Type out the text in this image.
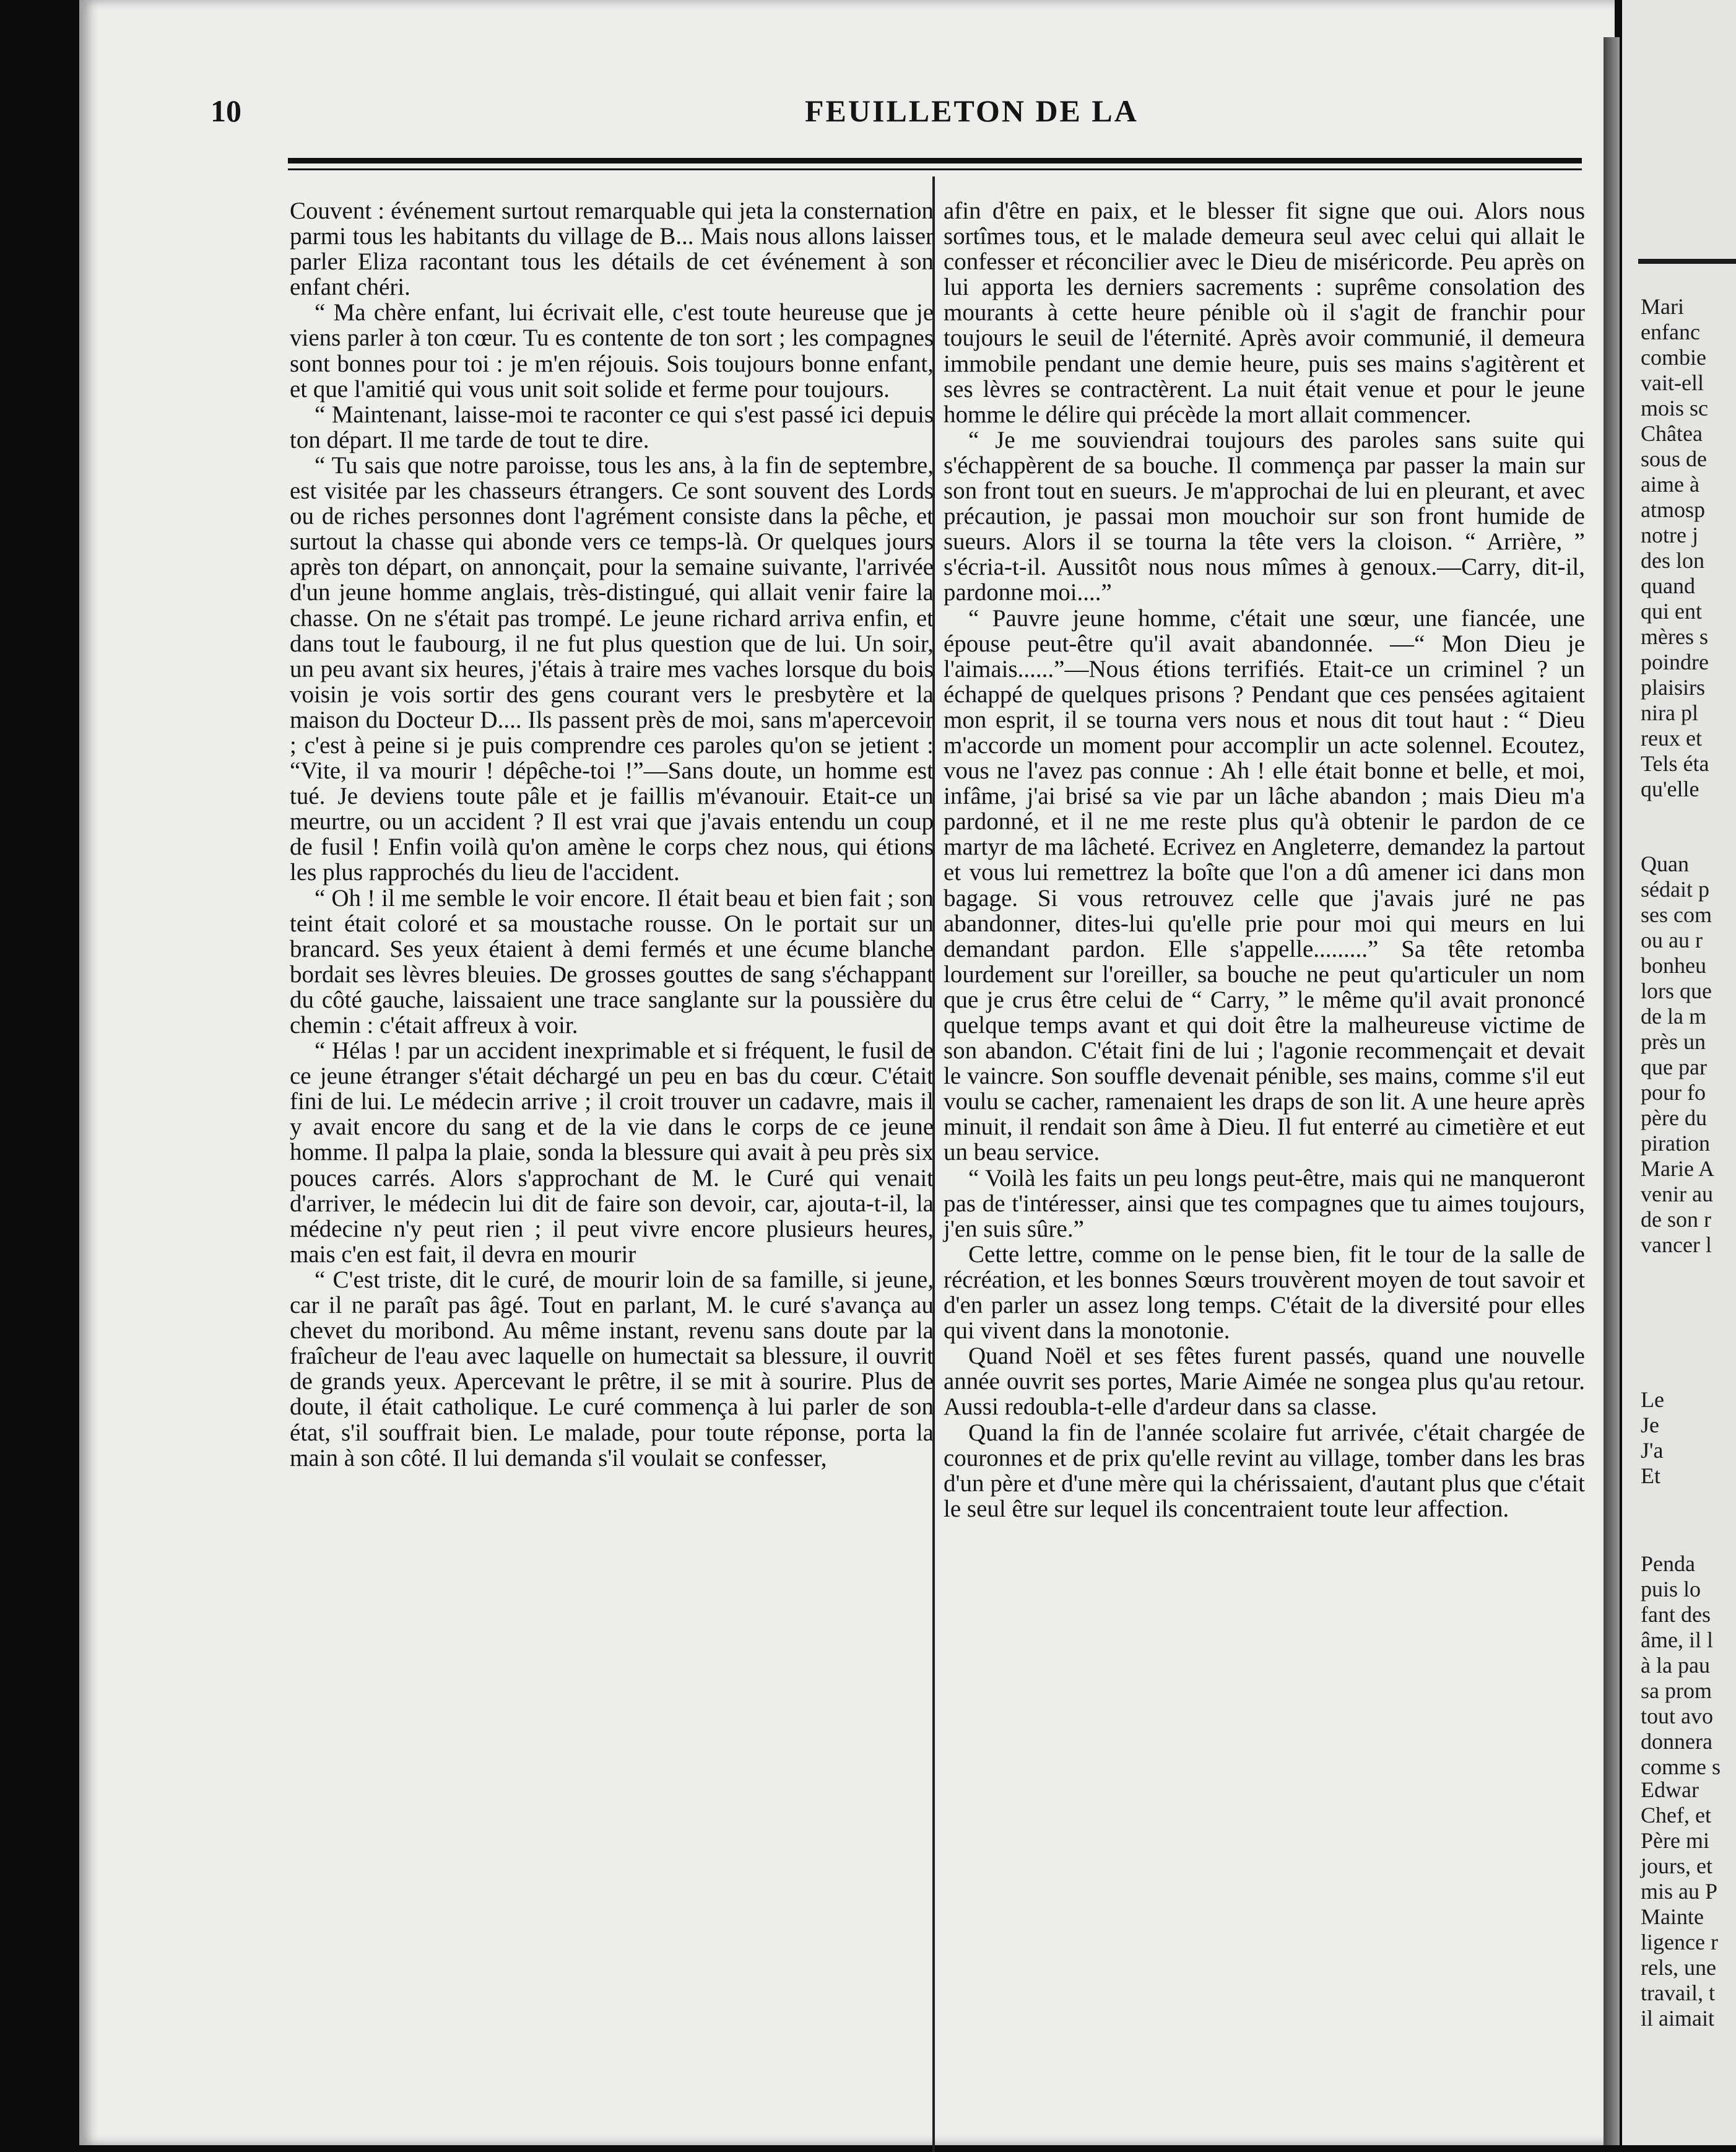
Mari
enfanc
combie
vait-ell
mois sc
Châtea
sous de
aime à
atmosp
notre j
des lon
quand
qui ent
mères s
poindre
plaisirs
nira pl
reux et
Tels éta
qu'elle
Quan
sédait p
ses com
ou au r
bonheu
lors que
de la m
près un
que par
pour fo
père du
piration
Marie A
venir au
de son r
vancer l
Le
Je
J'a
Et
Penda
puis lo
fant des
âme, il l
à la pau
sa prom
tout avo
donnera
comme s
Edwar
Chef, et
Père mi
jours, et
mis au P
Mainte
ligence r
rels, une
travail, t
il aimait
10	FEUILLETON DE LA

Couvent : événement surtout remarquable qui jeta la consternation parmi tous les habitants du village de B... Mais nous allons laisser parler Eliza racontant tous les détails de cet événement à son enfant chéri.

“ Ma chère enfant, lui écrivait elle, c'est toute heureuse que je viens parler à ton cœur. Tu es contente de ton sort ; les compagnes sont bonnes pour toi : je m'en réjouis. Sois toujours bonne enfant, et que l'amitié qui vous unit soit solide et ferme pour toujours.

“ Maintenant, laisse-moi te raconter ce qui s'est passé ici depuis ton départ. Il me tarde de tout te dire.

“ Tu sais que notre paroisse, tous les ans, à la fin de septembre, est visitée par les chasseurs étrangers. Ce sont souvent des Lords ou de riches personnes dont l'agrément consiste dans la pêche, et surtout la chasse qui abonde vers ce temps-là. Or quelques jours après ton départ, on annonçait, pour la semaine suivante, l'arrivée d'un jeune homme anglais, très-distingué, qui allait venir faire la chasse. On ne s'était pas trompé. Le jeune richard arriva enfin, et dans tout le faubourg, il ne fut plus question que de lui. Un soir, un peu avant six heures, j'étais à traire mes vaches lorsque du bois voisin je vois sortir des gens courant vers le presbytère et la maison du Docteur D.... Ils passent près de moi, sans m'apercevoir ; c'est à peine si je puis comprendre ces paroles qu'on se jetient : “Vite, il va mourir ! dépêche-toi !”—Sans doute, un homme est tué. Je deviens toute pâle et je faillis m'évanouir. Etait-ce un meurtre, ou un accident ? Il est vrai que j'avais entendu un coup de fusil ! Enfin voilà qu'on amène le corps chez nous, qui étions les plus rapprochés du lieu de l'accident.

“ Oh ! il me semble le voir encore. Il était beau et bien fait ; son teint était coloré et sa moustache rousse. On le portait sur un brancard. Ses yeux étaient à demi fermés et une écume blanche bordait ses lèvres bleuies. De grosses gouttes de sang s'échappant du côté gauche, laissaient une trace sanglante sur la poussière du chemin : c'était affreux à voir.

“ Hélas ! par un accident inexprimable et si fréquent, le fusil de ce jeune étranger s'était déchargé un peu en bas du cœur. C'était fini de lui. Le médecin arrive ; il croit trouver un cadavre, mais il y avait encore du sang et de la vie dans le corps de ce jeune homme. Il palpa la plaie, sonda la blessure qui avait à peu près six pouces carrés. Alors s'approchant de M. le Curé qui venait d'arriver, le médecin lui dit de faire son devoir, car, ajouta-t-il, la médecine n'y peut rien ; il peut vivre encore plusieurs heures, mais c'en est fait, il devra en mourir

“ C'est triste, dit le curé, de mourir loin de sa famille, si jeune, car il ne paraît pas âgé. Tout en parlant, M. le curé s'avança au chevet du moribond. Au même instant, revenu sans doute par la fraîcheur de l'eau avec laquelle on humectait sa blessure, il ouvrit de grands yeux. Apercevant le prêtre, il se mit à sourire. Plus de doute, il était catholique. Le curé commença à lui parler de son état, s'il souffrait bien. Le malade, pour toute réponse, porta la main à son côté. Il lui demanda s'il voulait se confesser,

afin d'être en paix, et le blesser fit signe que oui. Alors nous sortîmes tous, et le malade demeura seul avec celui qui allait le confesser et réconcilier avec le Dieu de miséricorde. Peu après on lui apporta les derniers sacrements : suprême consolation des mourants à cette heure pénible où il s'agit de franchir pour toujours le seuil de l'éternité. Après avoir communié, il demeura immobile pendant une demie heure, puis ses mains s'agitèrent et ses lèvres se contractèrent. La nuit était venue et pour le jeune homme le délire qui précède la mort allait commencer.

“ Je me souviendrai toujours des paroles sans suite qui s'échappèrent de sa bouche. Il commença par passer la main sur son front tout en sueurs. Je m'approchai de lui en pleurant, et avec précaution, je passai mon mouchoir sur son front humide de sueurs. Alors il se tourna la tête vers la cloison. “ Arrière, ” s'écria-t-il. Aussitôt nous nous mîmes à genoux.—Carry, dit-il, pardonne moi....”

“ Pauvre jeune homme, c'était une sœur, une fiancée, une épouse peut-être qu'il avait abandonnée. —“ Mon Dieu je l'aimais......”—Nous étions terrifiés. Etait-ce un criminel ? un échappé de quelques prisons ? Pendant que ces pensées agitaient mon esprit, il se tourna vers nous et nous dit tout haut : “ Dieu m'accorde un moment pour accomplir un acte solennel. Ecoutez, vous ne l'avez pas connue : Ah ! elle était bonne et belle, et moi, infâme, j'ai brisé sa vie par un lâche abandon ; mais Dieu m'a pardonné, et il ne me reste plus qu'à obtenir le pardon de ce martyr de ma lâcheté. Ecrivez en Angleterre, demandez la partout et vous lui remettrez la boîte que l'on a dû amener ici dans mon bagage. Si vous retrouvez celle que j'avais juré ne pas abandonner, dites-lui qu'elle prie pour moi qui meurs en lui demandant pardon. Elle s'appelle.........” Sa tête retomba lourdement sur l'oreiller, sa bouche ne peut qu'articuler un nom que je crus être celui de “ Carry, ” le même qu'il avait prononcé quelque temps avant et qui doit être la malheureuse victime de son abandon. C'était fini de lui ; l'agonie recommençait et devait le vaincre. Son souffle devenait pénible, ses mains, comme s'il eut voulu se cacher, ramenaient les draps de son lit. A une heure après minuit, il rendait son âme à Dieu. Il fut enterré au cimetière et eut un beau service.

“ Voilà les faits un peu longs peut-être, mais qui ne manqueront pas de t'intéresser, ainsi que tes compagnes que tu aimes toujours, j'en suis sûre.”

Cette lettre, comme on le pense bien, fit le tour de la salle de récréation, et les bonnes Sœurs trouvèrent moyen de tout savoir et d'en parler un assez long temps. C'était de la diversité pour elles qui vivent dans la monotonie.

Quand Noël et ses fêtes furent passés, quand une nouvelle année ouvrit ses portes, Marie Aimée ne songea plus qu'au retour. Aussi redoubla-t-elle d'ardeur dans sa classe.

Quand la fin de l'année scolaire fut arrivée, c'était chargée de couronnes et de prix qu'elle revint au village, tomber dans les bras d'un père et d'une mère qui la chérissaient, d'autant plus que c'était le seul être sur lequel ils concentraient toute leur affection.
